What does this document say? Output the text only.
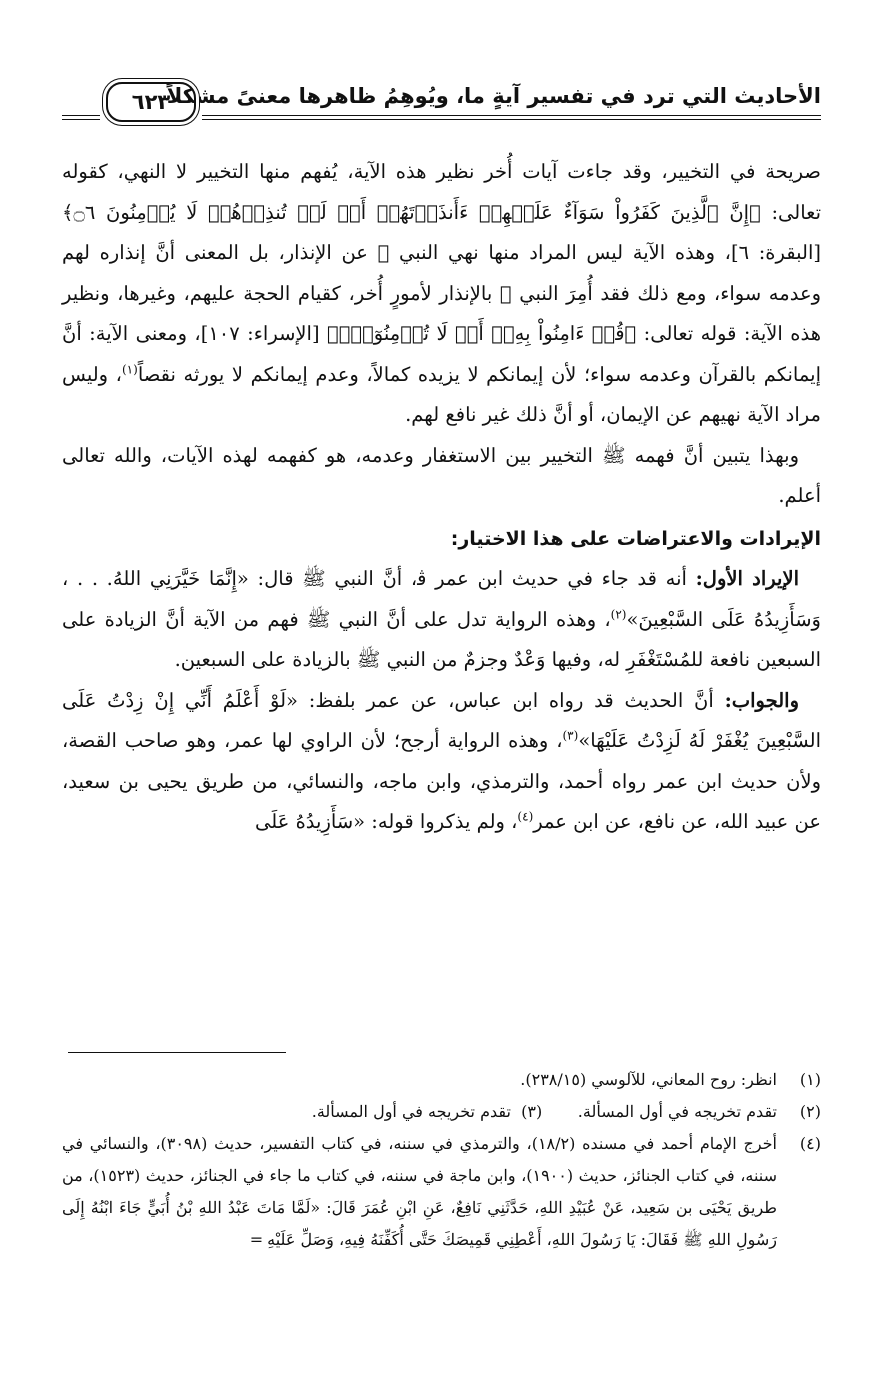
الأحاديث التي ترد في تفسير آيةٍ ما، ويُوهِمُ ظاهرها معنىً مشكلاً
٦٢٣

صريحة في التخيير، وقد جاءت آيات أُخر نظير هذه الآية، يُفهم منها التخيير لا النهي، كقوله تعالى: ﴿إِنَّ ٱلَّذِينَ كَفَرُواْ سَوَآءٌ عَلَيۡهِمۡ ءَأَنذَرۡتَهُمۡ أَمۡ لَمۡ تُنذِرۡهُمۡ لَا يُؤۡمِنُونَ ۝٦﴾ [البقرة: ٦]، وهذه الآية ليس المراد منها نهي النبي ﷺ عن الإنذار، بل المعنى أنَّ إنذاره لهم وعدمه سواء، ومع ذلك فقد أُمِرَ النبي ﷺ بالإنذار لأمورٍ أُخر، كقيام الحجة عليهم، وغيرها، ونظير هذه الآية: قوله تعالى: ﴿قُلۡ ءَامِنُواْ بِهِۦٓ أَوۡ لَا تُؤۡمِنُوٓاْۚ﴾ [الإسراء: ١٠٧]، ومعنى الآية: أنَّ إيمانكم بالقرآن وعدمه سواء؛ لأن إيمانكم لا يزيده كمالاً، وعدم إيمانكم لا يورثه نقصاً$^{(١)}$، وليس مراد الآية نهيهم عن الإيمان، أو أنَّ ذلك غير نافع لهم.

وبهذا يتبين أنَّ فهمه ﷺ التخيير بين الاستغفار وعدمه، هو كفهمه لهذه الآيات، والله تعالى أعلم.

الإيرادات والاعتراضات على هذا الاختيار:

الإيراد الأول: أنه قد جاء في حديث ابن عمر ﭬ، أنَّ النبي ﷺ قال: «إِنَّمَا خَيَّرَنِي اللهُ. . . ، وَسَأَزِيدُهُ عَلَى السَّبْعِينَ»$^{(٢)}$، وهذه الرواية تدل على أنَّ النبي ﷺ فهم من الآية أنَّ الزيادة على السبعين نافعة للمُسْتَغْفَرِ له، وفيها وَعْدٌ وجزمٌ من النبي ﷺ بالزيادة على السبعين.

والجواب: أنَّ الحديث قد رواه ابن عباس، عن عمر بلفظ: «لَوْ أَعْلَمُ أَنِّي إِنْ زِدْتُ عَلَى السَّبْعِينَ يُغْفَرْ لَهُ لَزِدْتُ عَلَيْهَا»$^{(٣)}$، وهذه الرواية أرجح؛ لأن الراوي لها عمر، وهو صاحب القصة، ولأن حديث ابن عمر رواه أحمد، والترمذي، وابن ماجه، والنسائي، من طريق يحيى بن سعيد، عن عبيد الله، عن نافع، عن ابن عمر$^{(٤)}$، ولم يذكروا قوله: «سَأَزِيدُهُ عَلَى

(١)
انظر: روح المعاني، للآلوسي (٢٣٨/١٥).
(٢)
تقدم تخريجه في أول المسألة.       (٣)  تقدم تخريجه في أول المسألة.
(٤)
أخرج الإمام أحمد في مسنده (١٨/٢)، والترمذي في سننه، في كتاب التفسير، حديث (٣٠٩٨)، والنسائي في سننه، في كتاب الجنائز، حديث (١٩٠٠)، وابن ماجة في سننه، في كتاب ما جاء في الجنائز، حديث (١٥٢٣)، من طريق يَحْيَى بن سَعِيد، عَنْ عُبَيْدِ اللهِ، حَدَّثَنِي نَافِعٌ، عَنِ ابْنِ عُمَرَ قَالَ: «لَمَّا مَاتَ عَبْدُ اللهِ بْنُ أُبَيٍّ جَاءَ ابْنُهُ إِلَى رَسُولِ اللهِ ﷺ فَقَالَ: يَا رَسُولَ اللهِ، أَعْطِنِي قَمِيصَكَ حَتَّى أُكَفِّنَهُ فِيهِ، وَصَلِّ عَلَيْهِ=
